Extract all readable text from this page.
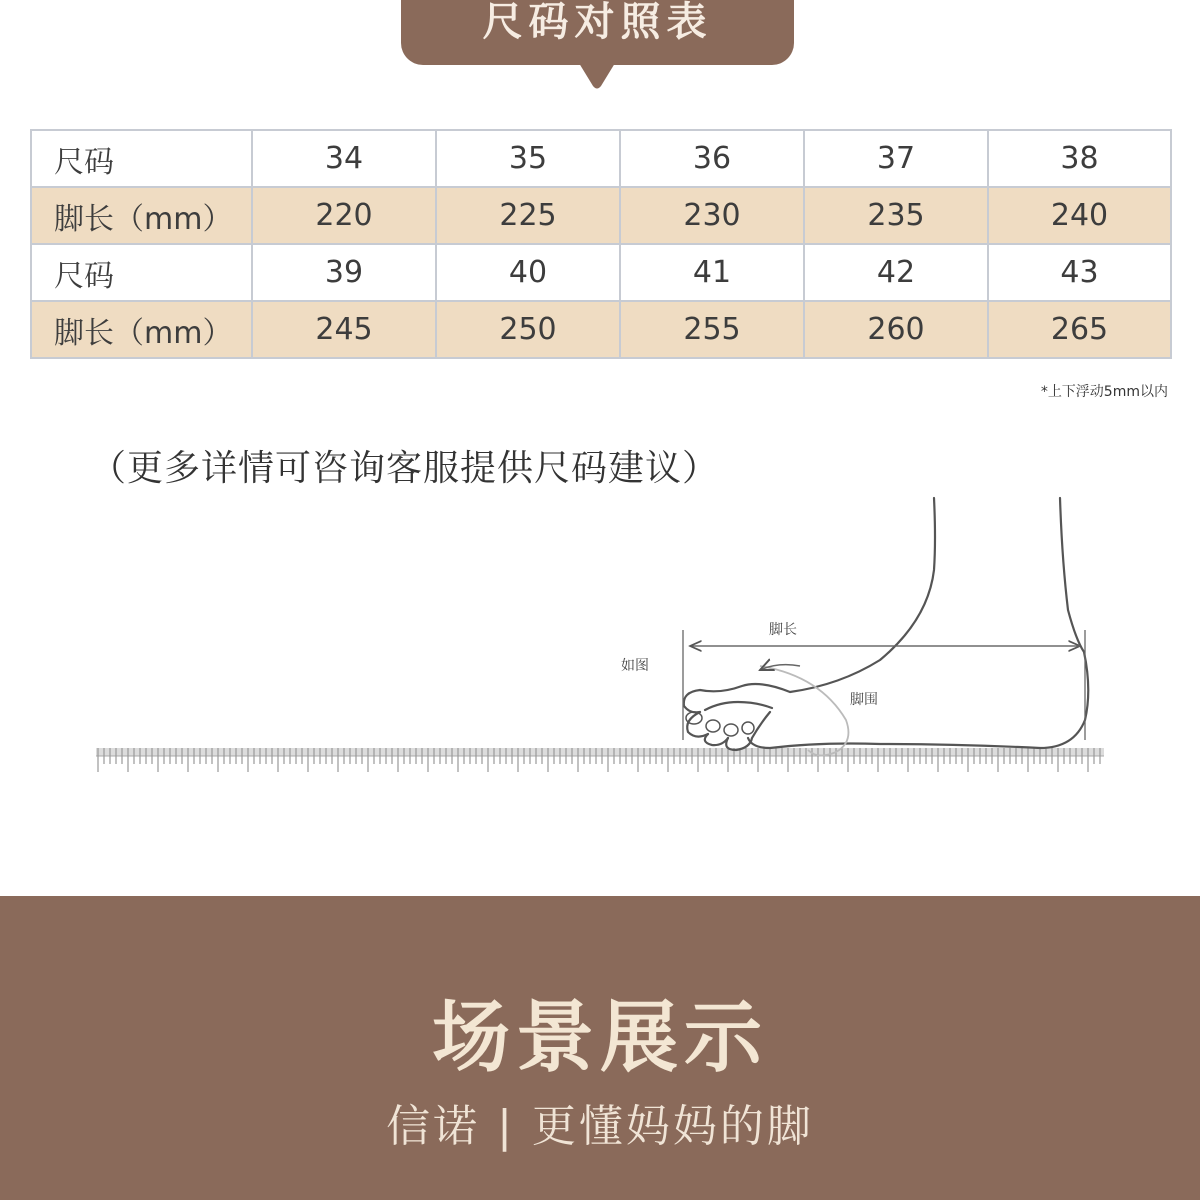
尺码对照表
尺码	34	35	36	37	38
脚长（mm）	220	225	230	235	240
尺码	39	40	41	42	43
脚长（mm）	245	250	255	260	265
*上下浮动5mm以内
（更多详情可咨询客服提供尺码建议）
脚长
如图
脚围
场景展示
信诺 | 更懂妈妈的脚
